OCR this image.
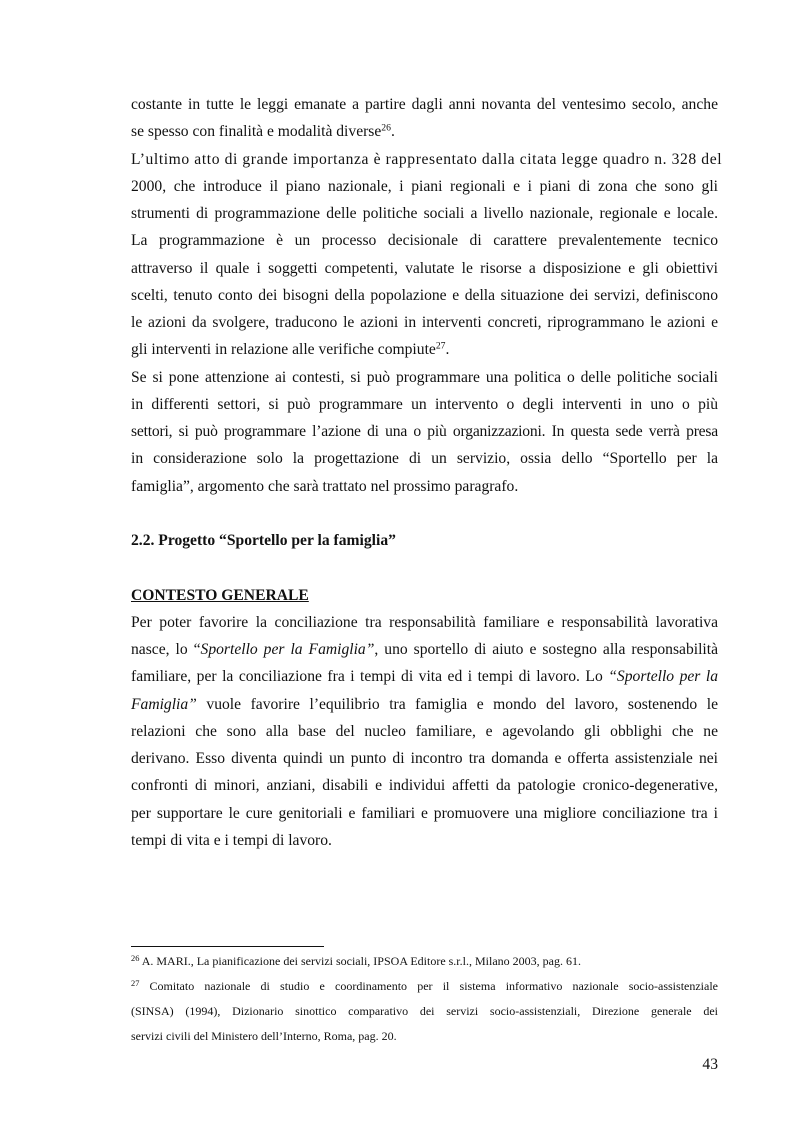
costante in tutte le leggi emanate a partire dagli anni novanta del ventesimo secolo, anche
se spesso con finalità e modalità diverse$^{26}$.
L’ultimo atto di grande importanza è rappresentato dalla citata legge quadro n. 328 del
2000, che introduce il piano nazionale, i piani regionali e i piani di zona che sono gli
strumenti di programmazione delle politiche sociali a livello nazionale, regionale e locale.
La programmazione è un processo decisionale di carattere prevalentemente tecnico
attraverso il quale i soggetti competenti, valutate le risorse a disposizione e gli obiettivi
scelti, tenuto conto dei bisogni della popolazione e della situazione dei servizi, definiscono
le azioni da svolgere, traducono le azioni in interventi concreti, riprogrammano le azioni e
gli interventi in relazione alle verifiche compiute$^{27}$.
Se si pone attenzione ai contesti, si può programmare una politica o delle politiche sociali
in differenti settori, si può programmare un intervento o degli interventi in uno o più
settori, si può programmare l’azione di una o più organizzazioni. In questa sede verrà presa
in considerazione solo la progettazione di un servizio, ossia dello “Sportello per la
famiglia”, argomento che sarà trattato nel prossimo paragrafo.
2.2. Progetto “Sportello per la famiglia”
CONTESTO GENERALE
Per poter favorire la conciliazione tra responsabilità familiare e responsabilità lavorativa
nasce, lo “Sportello per la Famiglia”, uno sportello di aiuto e sostegno alla responsabilità
familiare, per la conciliazione fra i tempi di vita ed i tempi di lavoro. Lo “Sportello per la
Famiglia” vuole favorire l’equilibrio tra famiglia e mondo del lavoro, sostenendo le
relazioni che sono alla base del nucleo familiare, e agevolando gli obblighi che ne
derivano. Esso diventa quindi un punto di incontro tra domanda e offerta assistenziale nei
confronti di minori, anziani, disabili e individui affetti da patologie cronico-degenerative,
per supportare le cure genitoriali e familiari e promuovere una migliore conciliazione tra i
tempi di vita e i tempi di lavoro.
$^{26}$ A. MARI., La pianificazione dei servizi sociali, IPSOA Editore s.r.l., Milano 2003, pag. 61.
$^{27}$ Comitato nazionale di studio e coordinamento per il sistema informativo nazionale socio-assistenziale
(SINSA) (1994), Dizionario sinottico comparativo dei servizi socio-assistenziali, Direzione generale dei
servizi civili del Ministero dell’Interno, Roma, pag. 20.
43
